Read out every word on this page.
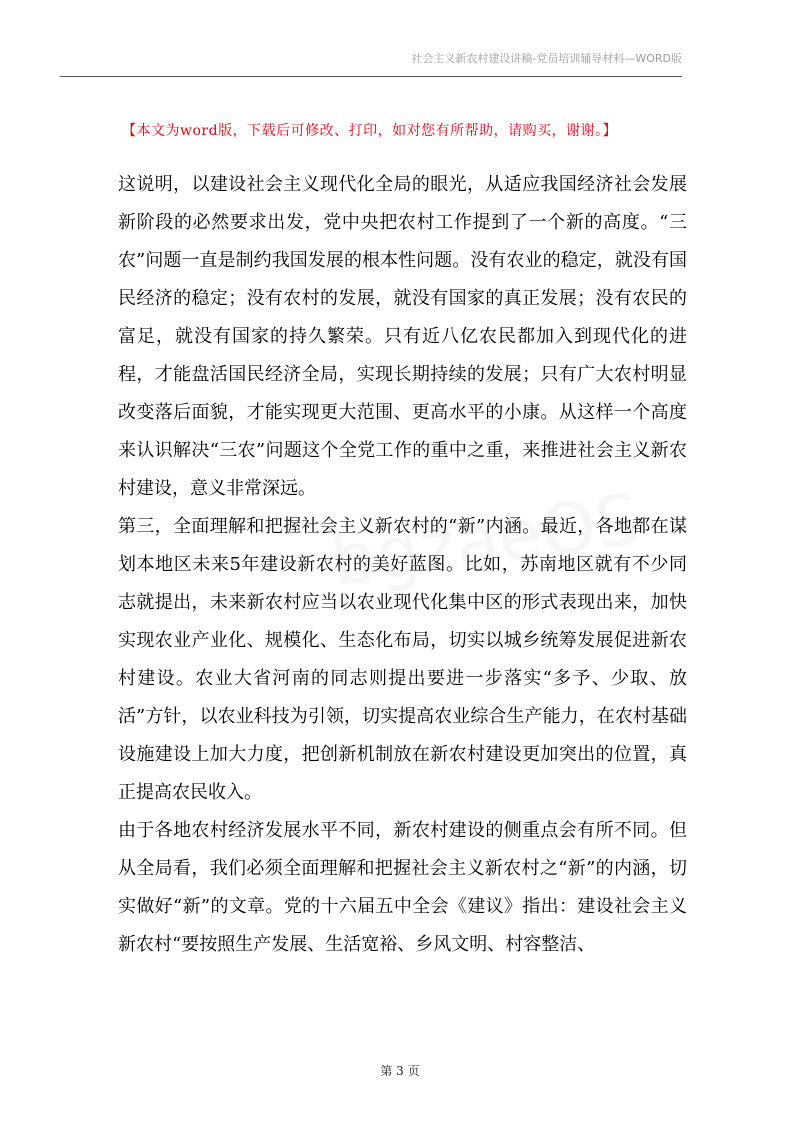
社会主义新农村建设讲稿-党员培训辅导材料—WORD版
【本文为word版，下载后可修改、打印，如对您有所帮助，请购买，谢谢。】

这说明，以建设社会主义现代化全局的眼光，从适应我国经济社会发展新阶段的必然要求出发，党中央把农村工作提到了一个新的高度。“三农”问题一直是制约我国发展的根本性问题。没有农业的稳定，就没有国民经济的稳定；没有农村的发展，就没有国家的真正发展；没有农民的富足，就没有国家的持久繁荣。只有近八亿农民都加入到现代化的进程，才能盘活国民经济全局，实现长期持续的发展；只有广大农村明显改变落后面貌，才能实现更大范围、更高水平的小康。从这样一个高度来认识解决“三农”问题这个全党工作的重中之重，来推进社会主义新农村建设，意义非常深远。

第三，全面理解和把握社会主义新农村的“新”内涵。最近，各地都在谋划本地区未来5年建设新农村的美好蓝图。比如，苏南地区就有不少同志就提出，未来新农村应当以农业现代化集中区的形式表现出来，加快实现农业产业化、规模化、生态化布局，切实以城乡统筹发展促进新农村建设。农业大省河南的同志则提出要进一步落实“多予、少取、放活”方针，以农业科技为引领，切实提高农业综合生产能力，在农村基础设施建设上加大力度，把创新机制放在新农村建设更加突出的位置，真正提高农民收入。

由于各地农村经济发展水平不同，新农村建设的侧重点会有所不同。但从全局看，我们必须全面理解和把握社会主义新农村之“新”的内涵，切实做好“新”的文章。党的十六届五中全会《建议》指出：建设社会主义新农村“要按照生产发展、生活宽裕、乡风文明、村容整洁、

第 3 页
